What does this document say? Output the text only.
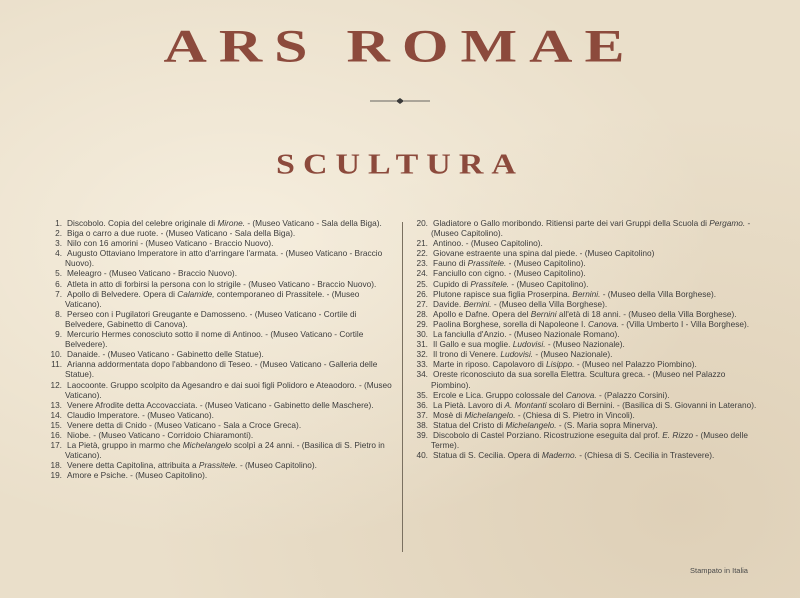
ARS ROMAE
SCULTURA
1. Discobolo. Copia del celebre originale di Mirone. - (Museo Vaticano - Sala della Biga).
2. Biga o carro a due ruote. - (Museo Vaticano - Sala della Biga).
3. Nilo con 16 amorini - (Museo Vaticano - Braccio Nuovo).
4. Augusto Ottaviano Imperatore in atto d'arringare l'armata. - (Museo Vaticano - Braccio Nuovo).
5. Meleagro - (Museo Vaticano - Braccio Nuovo).
6. Atleta in atto di forbirsi la persona con lo strigile - (Museo Vaticano - Braccio Nuovo).
7. Apollo di Belvedere. Opera di Calamide, contemporaneo di Prassitele. - (Museo Vaticano).
8. Perseo con i Pugilatori Greugante e Damosseno. - (Museo Vaticano - Cortile di Belvedere, Gabinetto di Canova).
9. Mercurio Hermes conosciuto sotto il nome di Antinoo. - (Museo Vaticano - Cortile Belvedere).
10. Danaide. - (Museo Vaticano - Gabinetto delle Statue).
11. Arianna addormentata dopo l'abbandono di Teseo. - (Museo Vaticano - Galleria delle Statue).
12. Laocoonte. Gruppo scolpito da Agesandro e dai suoi figli Polidoro e Ateaodoro. - (Museo Vaticano).
13. Venere Afrodite detta Accovacciata. - (Museo Vaticano - Gabinetto delle Maschere).
14. Claudio Imperatore. - (Museo Vaticano).
15. Venere detta di Cnido - (Museo Vaticano - Sala a Croce Greca).
16. Niobe. - (Museo Vaticano - Corridoio Chiaramonti).
17. La Pietà, gruppo in marmo che Michelangelo scolpì a 24 anni. - (Basilica di S. Pietro in Vaticano).
18. Venere detta Capitolina, attribuita a Prassitele. - (Museo Capitolino).
19. Amore e Psiche. - (Museo Capitolino).
20. Gladiatore o Gallo moribondo. Ritiensi parte dei vari Gruppi della Scuola di Pergamo. - (Museo Capitolino).
21. Antinoo. - (Museo Capitolino).
22. Giovane estraente una spina dal piede. - (Museo Capitolino)
23. Fauno di Prassitele. - (Museo Capitolino).
24. Fanciullo con cigno. - (Museo Capitolino).
25. Cupido di Prassitele. - (Museo Capitolino).
26. Plutone rapisce sua figlia Proserpina. Bernini. - (Museo della Villa Borghese).
27. Davide. Bernini. - (Museo della Villa Borghese).
28. Apollo e Dafne. Opera del Bernini all'età di 18 anni. - (Museo della Villa Borghese).
29. Paolina Borghese, sorella di Napoleone I. Canova. - (Villa Umberto I - Villa Borghese).
30. La fanciulla d'Anzio. - (Museo Nazionale Romano).
31. Il Gallo e sua moglie. Ludovisi. - (Museo Nazionale).
32. Il trono di Venere. Ludovisi. - (Museo Nazionale).
33. Marte in riposo. Capolavoro di Lisippo. - (Museo nel Palazzo Piombino).
34. Oreste riconosciuto da sua sorella Elettra. Scultura greca. - (Museo nel Palazzo Piombino).
35. Ercole e Lica. Gruppo colossale del Canova. - (Palazzo Corsini).
36. La Pietà. Lavoro di A. Montanti scolaro di Bernini. - (Basilica di S. Giovanni in Laterano).
37. Mosè di Michelangelo. - (Chiesa di S. Pietro in Vincoli).
38. Statua del Cristo di Michelangelo. - (S. Maria sopra Minerva).
39. Discobolo di Castel Porziano. Ricostruzione eseguita dal prof. E. Rizzo - (Museo delle Terme).
40. Statua di S. Cecilia. Opera di Maderno. - (Chiesa di S. Cecilia in Trastevere).
Stampato in Italia
